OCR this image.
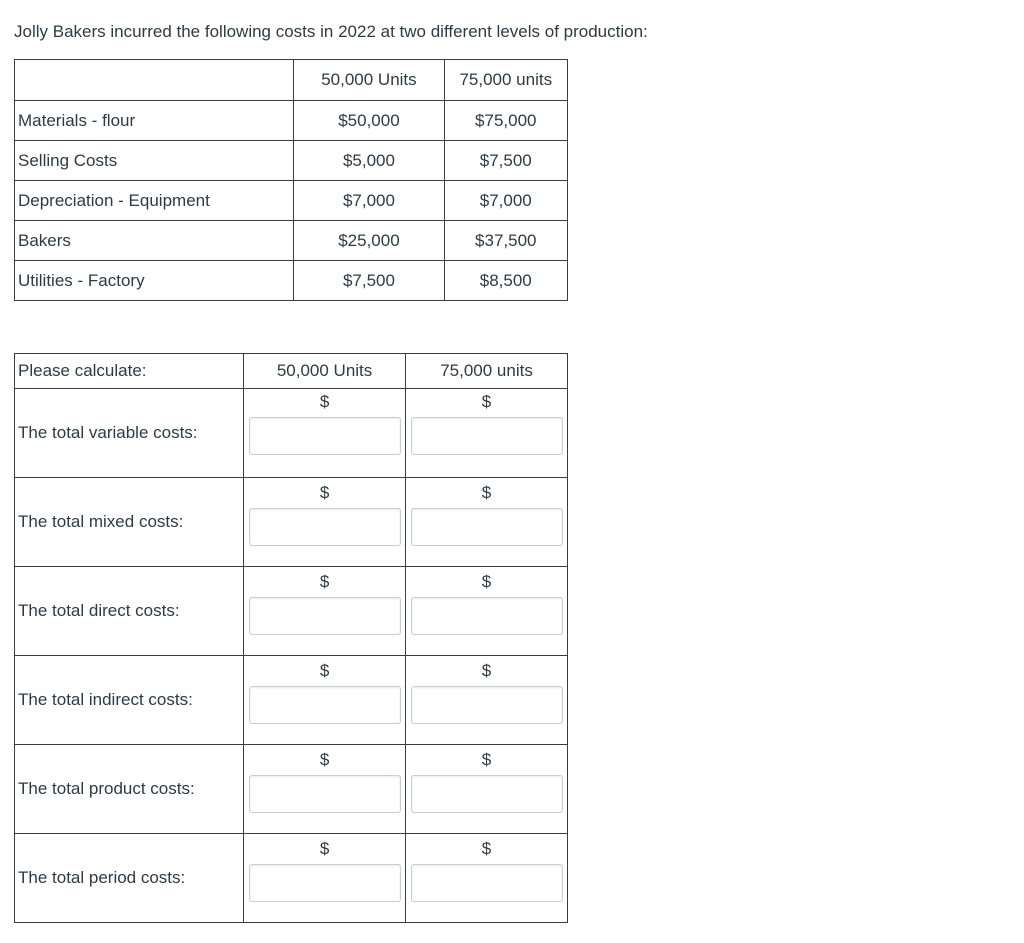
Jolly Bakers incurred the following costs in 2022 at two different levels of production:
	50,000 Units	75,000 units
Materials - flour	$50,000	$75,000
Selling Costs	$5,000	$7,500
Depreciation - Equipment	$7,000	$7,000
Bakers	$25,000	$37,500
Utilities - Factory	$7,500	$8,500
Please calculate:	50,000 Units	75,000 units
The total variable costs:	$	$

The total mixed costs:	$	$

The total direct costs:	$	$

The total indirect costs:	$	$

The total product costs:	$	$

The total period costs:	$	$
